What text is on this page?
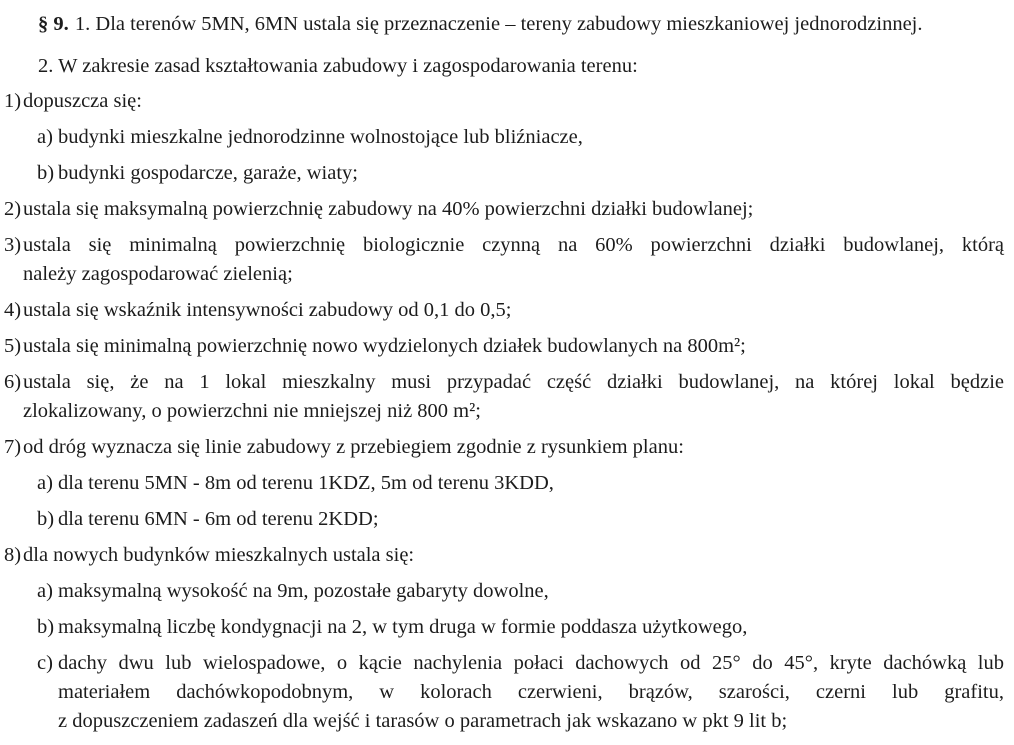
§ 9. 1. Dla terenów 5MN, 6MN ustala się przeznaczenie – tereny zabudowy mieszkaniowej jednorodzinnej.
2. W zakresie zasad kształtowania zabudowy i zagospodarowania terenu:
1) dopuszcza się:
a) budynki mieszkalne jednorodzinne wolnostojące lub bliźniacze,
b) budynki gospodarcze, garaże, wiaty;
2) ustala się maksymalną powierzchnię zabudowy na 40% powierzchni działki budowlanej;
3) ustala się minimalną powierzchnię biologicznie czynną na 60% powierzchni działki budowlanej, którą
należy zagospodarować zielenią;
4) ustala się wskaźnik intensywności zabudowy od 0,1 do 0,5;
5) ustala się minimalną powierzchnię nowo wydzielonych działek budowlanych na 800m²;
6) ustala się, że na 1 lokal mieszkalny musi przypadać część działki budowlanej, na której lokal będzie
zlokalizowany, o powierzchni nie mniejszej niż 800 m²;
7) od dróg wyznacza się linie zabudowy z przebiegiem zgodnie z rysunkiem planu:
a) dla terenu 5MN - 8m od terenu 1KDZ, 5m od terenu 3KDD,
b) dla terenu 6MN - 6m od terenu 2KDD;
8) dla nowych budynków mieszkalnych ustala się:
a) maksymalną wysokość na 9m, pozostałe gabaryty dowolne,
b) maksymalną liczbę kondygnacji na 2, w tym druga w formie poddasza użytkowego,
c) dachy dwu lub wielospadowe, o kącie nachylenia połaci dachowych od 25° do 45°, kryte dachówką lub
materiałem dachówkopodobnym, w kolorach czerwieni, brązów, szarości, czerni lub grafitu,
z dopuszczeniem zadaszeń dla wejść i tarasów o parametrach jak wskazano w pkt 9 lit b;
